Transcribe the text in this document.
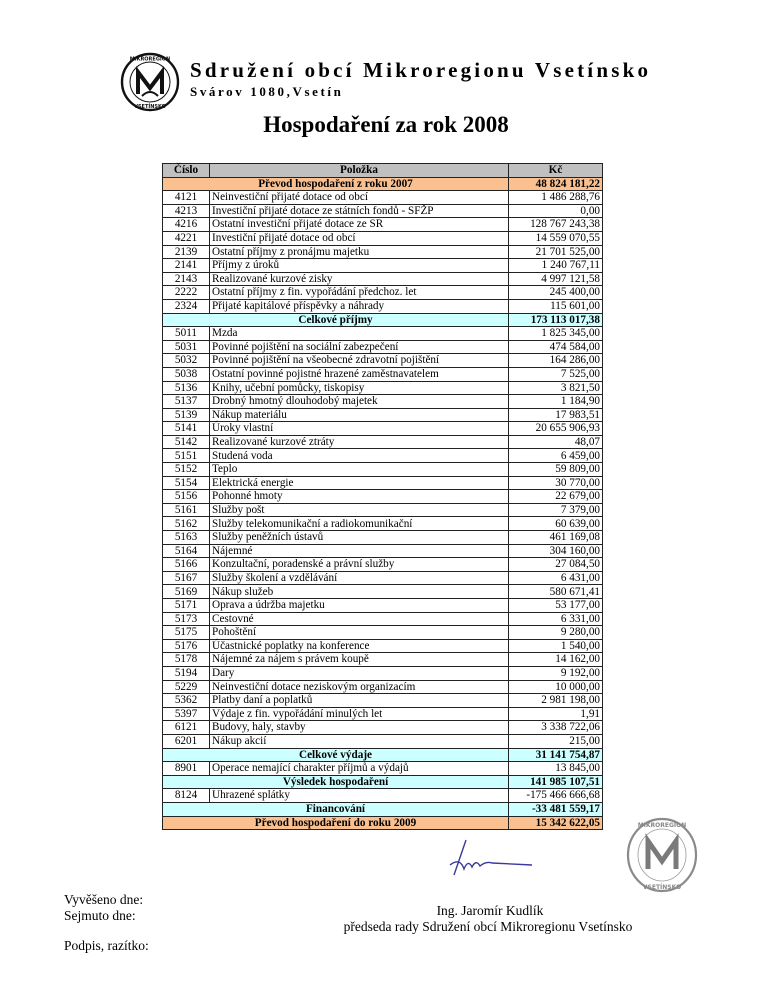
MIKROREGION
VSETÍNSKO
Sdružení obcí Mikroregionu Vsetínsko
Svárov 1080,Vsetín
Hospodaření za rok 2008
Číslo	Položka	Kč
Převod hospodaření z roku 2007		48 824 181,22
4121	Neinvestiční přijaté dotace od obcí	1 486 288,76
4213	Investiční přijaté dotace ze státních fondů - SFŽP	0,00
4216	Ostatní investiční přijaté dotace ze SR	128 767 243,38
4221	Investiční přijaté dotace od obcí	14 559 070,55
2139	Ostatní příjmy z pronájmu majetku	21 701 525,00
2141	Příjmy z úroků	1 240 767,11
2143	Realizované kurzové zisky	4 997 121,58
2222	Ostatní příjmy z fin. vypořádání předchoz. let	245 400,00
2324	Přijaté kapitálové příspěvky a náhrady	115 601,00
Celkové příjmy		173 113 017,38
5011	Mzda	1 825 345,00
5031	Povinné pojištění na sociální zabezpečení	474 584,00
5032	Povinné pojištění na všeobecné zdravotní pojištění	164 286,00
5038	Ostatní povinné pojistné hrazené zaměstnavatelem	7 525,00
5136	Knihy, učební pomůcky, tiskopisy	3 821,50
5137	Drobný hmotný dlouhodobý majetek	1 184,90
5139	Nákup materiálu	17 983,51
5141	Úroky vlastní	20 655 906,93
5142	Realizované kurzové ztráty	48,07
5151	Studená voda	6 459,00
5152	Teplo	59 809,00
5154	Elektrická energie	30 770,00
5156	Pohonné hmoty	22 679,00
5161	Služby pošt	7 379,00
5162	Služby telekomunikační a radiokomunikační	60 639,00
5163	Služby peněžních ústavů	461 169,08
5164	Nájemné	304 160,00
5166	Konzultační, poradenské a právní služby	27 084,50
5167	Služby školení a vzdělávání	6 431,00
5169	Nákup služeb	580 671,41
5171	Oprava a údržba majetku	53 177,00
5173	Cestovné	6 331,00
5175	Pohoštění	9 280,00
5176	Účastnické poplatky na konference	1 540,00
5178	Nájemné za nájem s právem koupě	14 162,00
5194	Dary	9 192,00
5229	Neinvestiční dotace neziskovým organizacím	10 000,00
5362	Platby daní a poplatků	2 981 198,00
5397	Výdaje z fin. vypořádání minulých let	1,91
6121	Budovy, haly, stavby	3 338 722,06
6201	Nákup akcií	215,00
Celkové výdaje		31 141 754,87
8901	Operace nemající charakter příjmů a výdajů	13 845,00
Výsledek hospodaření		141 985 107,51
8124	Uhrazené splátky	-175 466 666,68
Financování		-33 481 559,17
Převod hospodaření do roku 2009		15 342 622,05
Vyvěšeno dne:
Sejmuto dne:
Podpis, razítko:
Ing. Jaromír Kudlík
předseda rady Sdružení obcí Mikroregionu Vsetínsko
MIKROREGION
VSETÍNSKO
